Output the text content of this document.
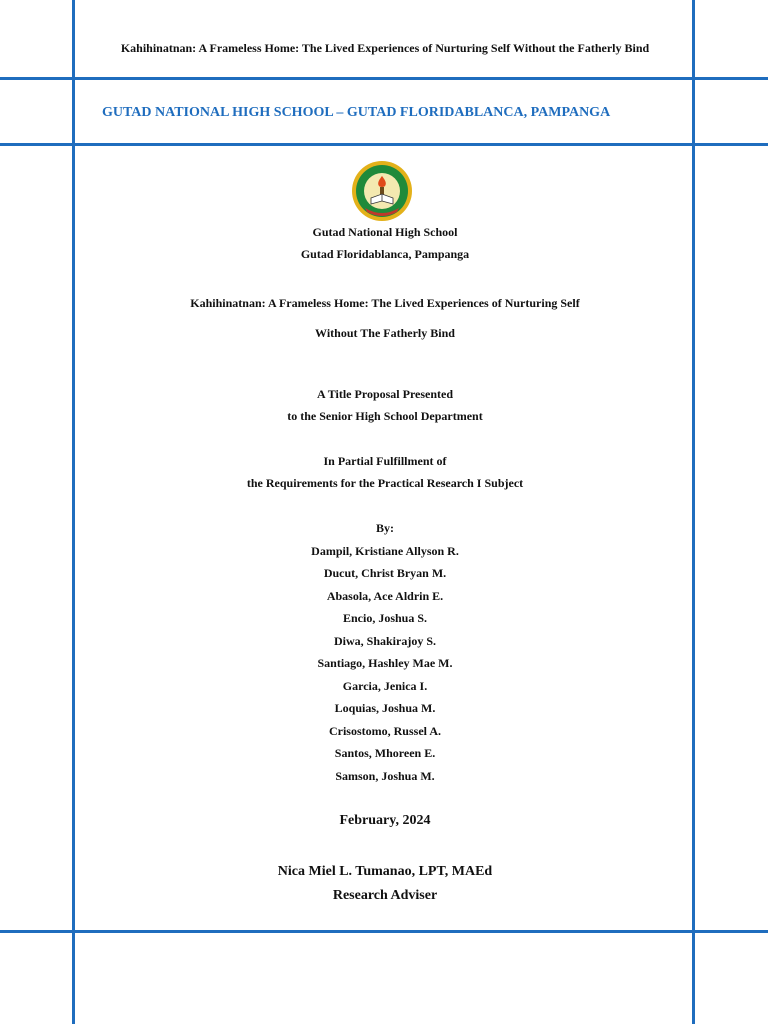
Kahihinatnan: A Frameless Home: The Lived Experiences of Nurturing Self Without the Fatherly Bind
GUTAD NATIONAL HIGH SCHOOL – GUTAD FLORIDABLANCA, PAMPANGA
Gutad National High School
Gutad Floridablanca, Pampanga
Kahihinatnan: A Frameless Home: The Lived Experiences of Nurturing Self
Without The Fatherly Bind
A Title Proposal Presented
to the Senior High School Department
In Partial Fulfillment of
the Requirements for the Practical Research I Subject
By:
Dampil, Kristiane Allyson R.
Ducut, Christ Bryan M.
Abasola, Ace Aldrin E.
Encio, Joshua S.
Diwa, Shakirajoy S.
Santiago, Hashley Mae M.
Garcia, Jenica I.
Loquias, Joshua M.
Crisostomo, Russel A.
Santos, Mhoreen E.
Samson, Joshua M.
February, 2024
Nica Miel L. Tumanao, LPT, MAEd
Research Adviser
